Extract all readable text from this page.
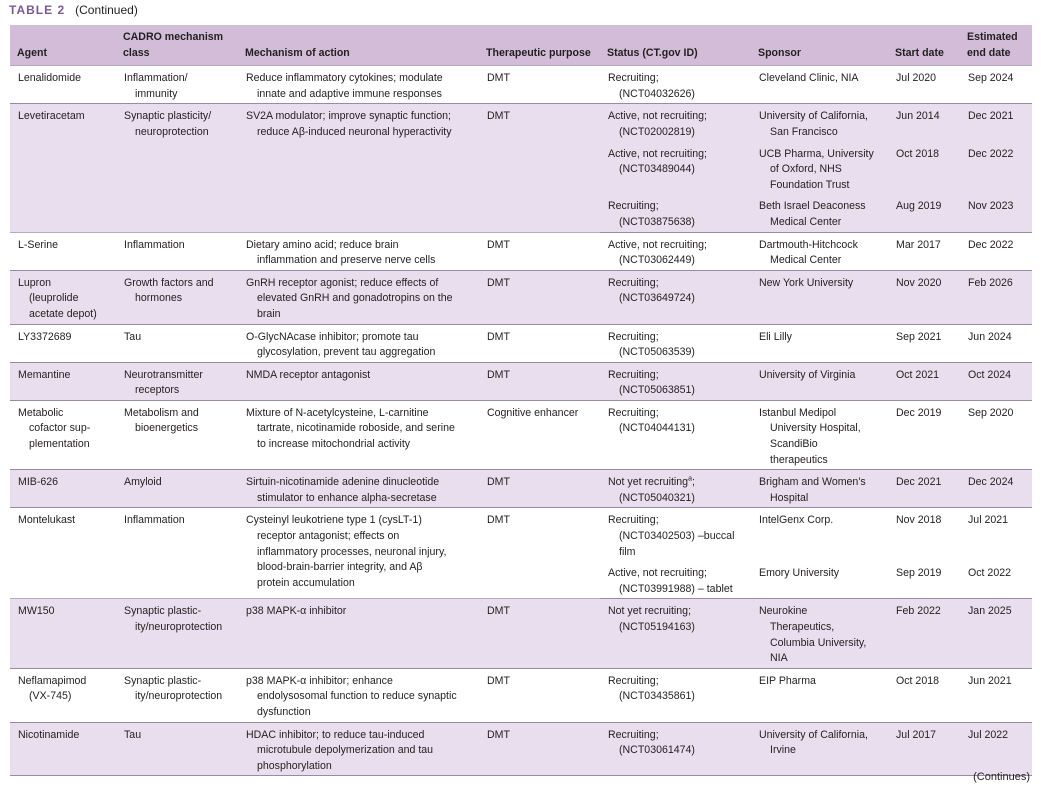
TABLE 2 (Continued)
Agent	CADRO mechanism
class	Mechanism of action	Therapeutic purpose	Status (CT.gov ID)	Sponsor	Start date	Estimated
end date

Lenalidomide	Inflammation/
immunity	Reduce inflammatory cytokines; modulate
innate and adaptive immune responses	DMT	Recruiting;
(NCT04032626)	Cleveland Clinic, NIA	Jul 2020	Sep 2024

Levetiracetam	Synaptic plasticity/
neuroprotection	SV2A modulator; improve synaptic function;
reduce Aβ-induced neuronal hyperactivity	DMT	Active, not recruiting;
(NCT02002819)	University of California,
San Francisco	Jun 2014	Dec 2021

				Active, not recruiting;
(NCT03489044)	UCB Pharma, University
of Oxford, NHS
Foundation Trust	Oct 2018	Dec 2022

				Recruiting;
(NCT03875638)	Beth Israel Deaconess
Medical Center	Aug 2019	Nov 2023

L-Serine	Inflammation	Dietary amino acid; reduce brain
inflammation and preserve nerve cells	DMT	Active, not recruiting;
(NCT03062449)	Dartmouth-Hitchcock
Medical Center	Mar 2017	Dec 2022

Lupron
(leuprolide
acetate depot)	Growth factors and
hormones	GnRH receptor agonist; reduce effects of
elevated GnRH and gonadotropins on the
brain	DMT	Recruiting;
(NCT03649724)	New York University	Nov 2020	Feb 2026

LY3372689	Tau	O-GlycNAcase inhibitor; promote tau
glycosylation, prevent tau aggregation	DMT	Recruiting;
(NCT05063539)	Eli Lilly	Sep 2021	Jun 2024

Memantine	Neurotransmitter
receptors	NMDA receptor antagonist	DMT	Recruiting;
(NCT05063851)	University of Virginia	Oct 2021	Oct 2024

Metabolic
cofactor sup-
plementation	Metabolism and
bioenergetics	Mixture of N-acetylcysteine, L-carnitine
tartrate, nicotinamide roboside, and serine
to increase mitochondrial activity	Cognitive enhancer	Recruiting;
(NCT04044131)	Istanbul Medipol
University Hospital,
ScandiBio
therapeutics	Dec 2019	Sep 2020

MIB-626	Amyloid	Sirtuin-nicotinamide adenine dinucleotide
stimulator to enhance alpha-secretase	DMT	Not yet recruiting$^a$;
(NCT05040321)	Brigham and Women's
Hospital	Dec 2021	Dec 2024

Montelukast	Inflammation	Cysteinyl leukotriene type 1 (cysLT-1)
receptor antagonist; effects on
inflammatory processes, neuronal injury,
blood-brain-barrier integrity, and Aβ
protein accumulation	DMT	Recruiting;
(NCT03402503) –buccal
film	IntelGenx Corp.	Nov 2018	Jul 2021

				Active, not recruiting;
(NCT03991988) – tablet	Emory University	Sep 2019	Oct 2022

MW150	Synaptic plastic-
ity/neuroprotection	p38 MAPK-α inhibitor	DMT	Not yet recruiting;
(NCT05194163)	Neurokine
Therapeutics,
Columbia University,
NIA	Feb 2022	Jan 2025

Neflamapimod
(VX-745)	Synaptic plastic-
ity/neuroprotection	p38 MAPK-α inhibitor; enhance
endolysosomal function to reduce synaptic
dysfunction	DMT	Recruiting;
(NCT03435861)	EIP Pharma	Oct 2018	Jun 2021

Nicotinamide	Tau	HDAC inhibitor; to reduce tau-induced
microtubule depolymerization and tau
phosphorylation	DMT	Recruiting;
(NCT03061474)	University of California,
Irvine	Jul 2017	Jul 2022
(Continues)
